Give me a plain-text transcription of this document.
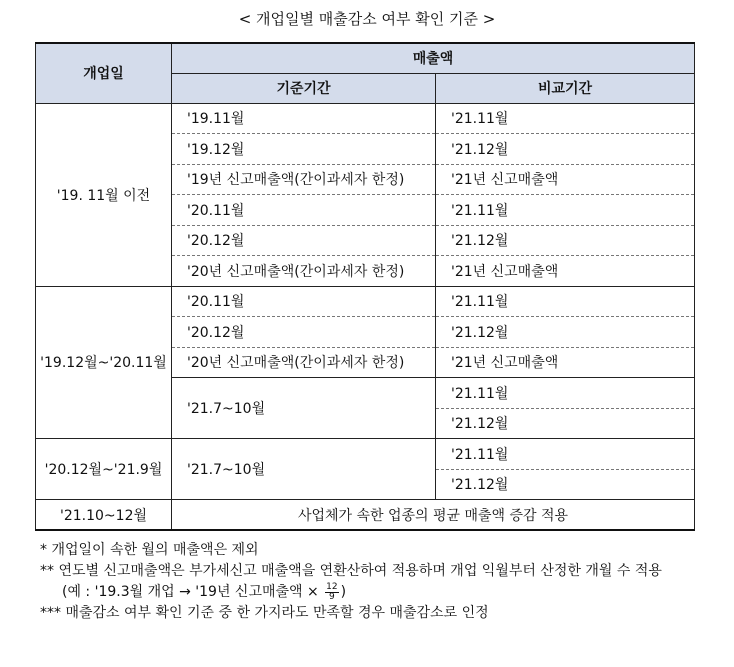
< 개업일별 매출감소 여부 확인 기준 >
개업일	매출액	
	기준기간	비교기간
'19. 11월 이전	'19.11월	'21.11월
	'19.12월	'21.12월
	'19년 신고매출액(간이과세자 한정)	'21년 신고매출액
	'20.11월	'21.11월
	'20.12월	'21.12월
	'20년 신고매출액(간이과세자 한정)	'21년 신고매출액
'19.12월~'20.11월	'20.11월	'21.11월
	'20.12월	'21.12월
	'20년 신고매출액(간이과세자 한정)	'21년 신고매출액
	'21.7~10월	'21.11월
		'21.12월
'20.12월~'21.9월	'21.7~10월	'21.11월
		'21.12월
'21.10~12월	사업체가 속한 업종의 평균 매출액 증감 적용	
* 개업일이 속한 월의 매출액은 제외
** 연도별 신고매출액은 부가세신고 매출액을 연환산하여 적용하며 개업 익월부터 산정한 개월 수 적용
(예 : '19.3월 개업 → '19년 신고매출액 × $\frac{12}{9}$ )
*** 매출감소 여부 확인 기준 중 한 가지라도 만족할 경우 매출감소로 인정
